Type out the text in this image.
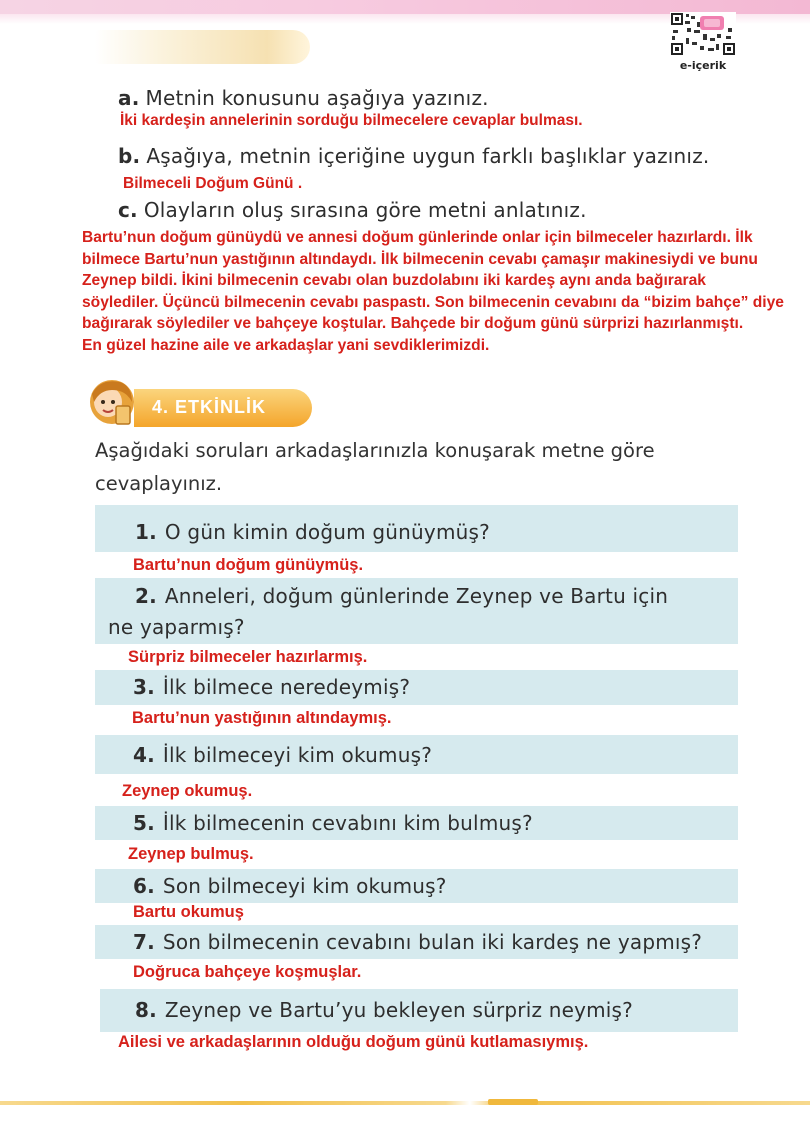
e-içerik
a. Metnin konusunu aşağıya yazınız.
İki kardeşin annelerinin sorduğu bilmecelere cevaplar bulması.
b. Aşağıya, metnin içeriğine uygun farklı başlıklar yazınız.
Bilmeceli Doğum Günü .
c. Olayların oluş sırasına göre metni anlatınız.
Bartu’nun doğum günüydü ve annesi doğum günlerinde onlar için bilmeceler hazırlardı. İlk
bilmece Bartu’nun yastığının altındaydı. İlk bilmecenin cevabı çamaşır makinesiydi ve bunu
Zeynep bildi. İkini bilmecenin cevabı olan buzdolabını iki kardeş aynı anda bağırarak
söylediler. Üçüncü bilmecenin cevabı paspastı. Son bilmecenin cevabını da “bizim bahçe” diye
bağırarak söylediler ve bahçeye koştular. Bahçede bir doğum günü sürprizi hazırlanmıştı.
En güzel hazine aile ve arkadaşlar yani sevdiklerimizdi.
4. ETKİNLİK
Aşağıdaki soruları arkadaşlarınızla konuşarak metne göre cevaplayınız.
1. O gün kimin doğum günüymüş?
Bartu’nun doğum günüymüş.
2. Anneleri, doğum günlerinde Zeynep ve Bartu için
ne yaparmış?
Sürpriz bilmeceler hazırlarmış.
3. İlk bilmece neredeymiş?
Bartu’nun yastığının altındaymış.
4. İlk bilmeceyi kim okumuş?
Zeynep okumuş.
5. İlk bilmecenin cevabını kim bulmuş?
Zeynep bulmuş.
6. Son bilmeceyi kim okumuş?
Bartu okumuş
7. Son bilmecenin cevabını bulan iki kardeş ne yapmış?
Doğruca bahçeye koşmuşlar.
8. Zeynep ve Bartu’yu bekleyen sürpriz neymiş?
Ailesi ve arkadaşlarının olduğu doğum günü kutlamasıymış.
